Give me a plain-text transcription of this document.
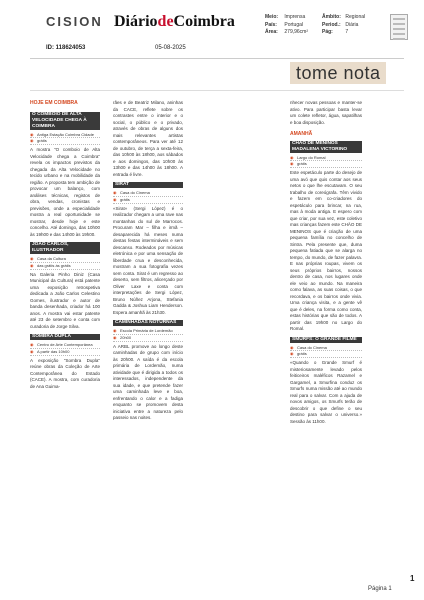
CISION DiáriodeCoimbra	Meio: Imprensa
País: Portugal
Área: 279,96cm²
Âmbito: Regional
Period.: Diária
Pág:	7
ID: 118624053	05-08-2025
tome nota
HOJE EM COIMBRA
O COMBOIO DE ALTA VELOCIDADE CHEGA À COIMBRA
◉ Antiga Estação Coimbra Cidade
◉ grátis

A mostra "O comboio de Alta Velocidade chega a Coimbra" revela os impactos previstos da chegada da Alta Velocidade no tecido urbano e na mobilidade da região. A proposta tem ambição de provocar um balanço, com análises técnicas, registos de obra, vendas, cronistas e previsões, onde a especialidade mostra a real oportunidade se mostrar, desde hoje e este concelho. Até domingo, das 10h00 às 19h00 e das 14h00 às 19h00.

JOÃO CARLOS, ILUSTRADOR
◉ Casa da Cultura
◉ das grátis às grátis

Na Galeria Pinho Diniz (Casa Municipal da Cultura) está patente uma exposição retrospetiva dedicada a João Carlos Celestino Gomes, ilustrador e autor de banda desenhada, criador há 100 anos. A mostra vai estar patente até 23 de setembro e conta com curadoria de Jorge Silva.

SOMBRA DUPLA
◉ Centro de Arte Contemporânea
◉ A partir das 10h00

A exposição "Sombra Dupla" reúne obras da Coleção de Arte Contemporânea do Estado (CACE). A mostra, com curadoria de Ana Guima-

rães e de Beatriz Milano, aninhas da CACE, reflete sobre os contrastes entre o interior e o social, o público e o privado, através de obras de alguns dos mais relevantes artistas contemporâneos. Para ver até 12 de outubro, de terça a sexta-feira, das 10h00 às 18h00, aos sábados e aos domingos, das 10h00 às 13h00 e das 14h00 às 18h00. A entrada é livre.

SIRAT
◉ Casa do Cinema
◉ grátis

«Sirat» (Sergi López) é o realizador chegam a uma rave nas montanhas do sul de Marrocos. Procuram Mar – filha e irmã – desaparecida há meses numa destas festas intermináveis e sem descanso. Rodeados por músicas eletrónica e por uma sensação de liberdade crua e desconhecida, mostram a sua fotografia vezes sem conta. Sirat é um regresso ao deserto, sem filtros, alicerçado por Oliver Laxe e conta com interpretações de Sergi López, Bruno Núñez Arjona, Stefania Gadda & Joshua Liam Henderson. Espera amanhã às 21h30.

CAMINHADAS NOTURNAS
◉ Escola Primária de Lordemão
◉ 20h00

A ARBL promove ao longo deste caminhadas de grupo com início às 20h00. A saída é da escola primária de Lordemão, numa atividade que é dirigida a todos os interessados, independente da sua idade, e que pretende fazer uma caminhada leve e boa, enfrentando o calor e a fadiga enquanto se promovem desta iniciativa entre a natureza pelo passeio nas noites.

nhecer novas pessoas e manter-se ativo. Para participar basta levar um colete refletor, água, sapatilhas e boa disposição.

AMANHÃ
CHÃO DE MENINOS MADALENA VICTORINO
◉ Largo do Romal
◉ grátis

Este espetáculo parte do desejo de uma avó que quis contar aos seus netos o que lhe escutavam. O seu trabalho de coreógrafa. Têm vivido e fazem em co-criadores do espetáculo para brincar, na rua, mas à moda antiga. E espero com que criar, por sua vez, este coletivo mas crianças fazem este CHÃO DE MENINOS que é criação de uma pequena família no concelho de Sintra. Pela presente que, duma pequena fatiada que se alarga no tempo, do mundo, de fazer palavra. E nas próprias roupas, vivem os seus próprios bairros, nossos dentro de casa, nos lugares onde ele veio ao mundo. Na maneira como falava, as suas coisas, o que recordava, e os bairros onde vivia. Uma criança visita, e a gente vê que é deles, na forma como conta, estas histórias que são de todos. A partir das 19h00 no Largo do Romal.

SMURFS: O GRANDE FILME
◉ Casa do Cinema
◉ grátis

«Quando o Grande Smurf é misteriosamente levado pelos feiticeiros maléficos Razamel e Gargamel, a Smurfina conduz os Smurfs numa missão até ao mundo real para o salvar. Com a ajuda de novos amigos, os Smurfs terão de descobrir o que define o seu destino para salvar o universo.» Sessão às 11h00.

1
Página 1
